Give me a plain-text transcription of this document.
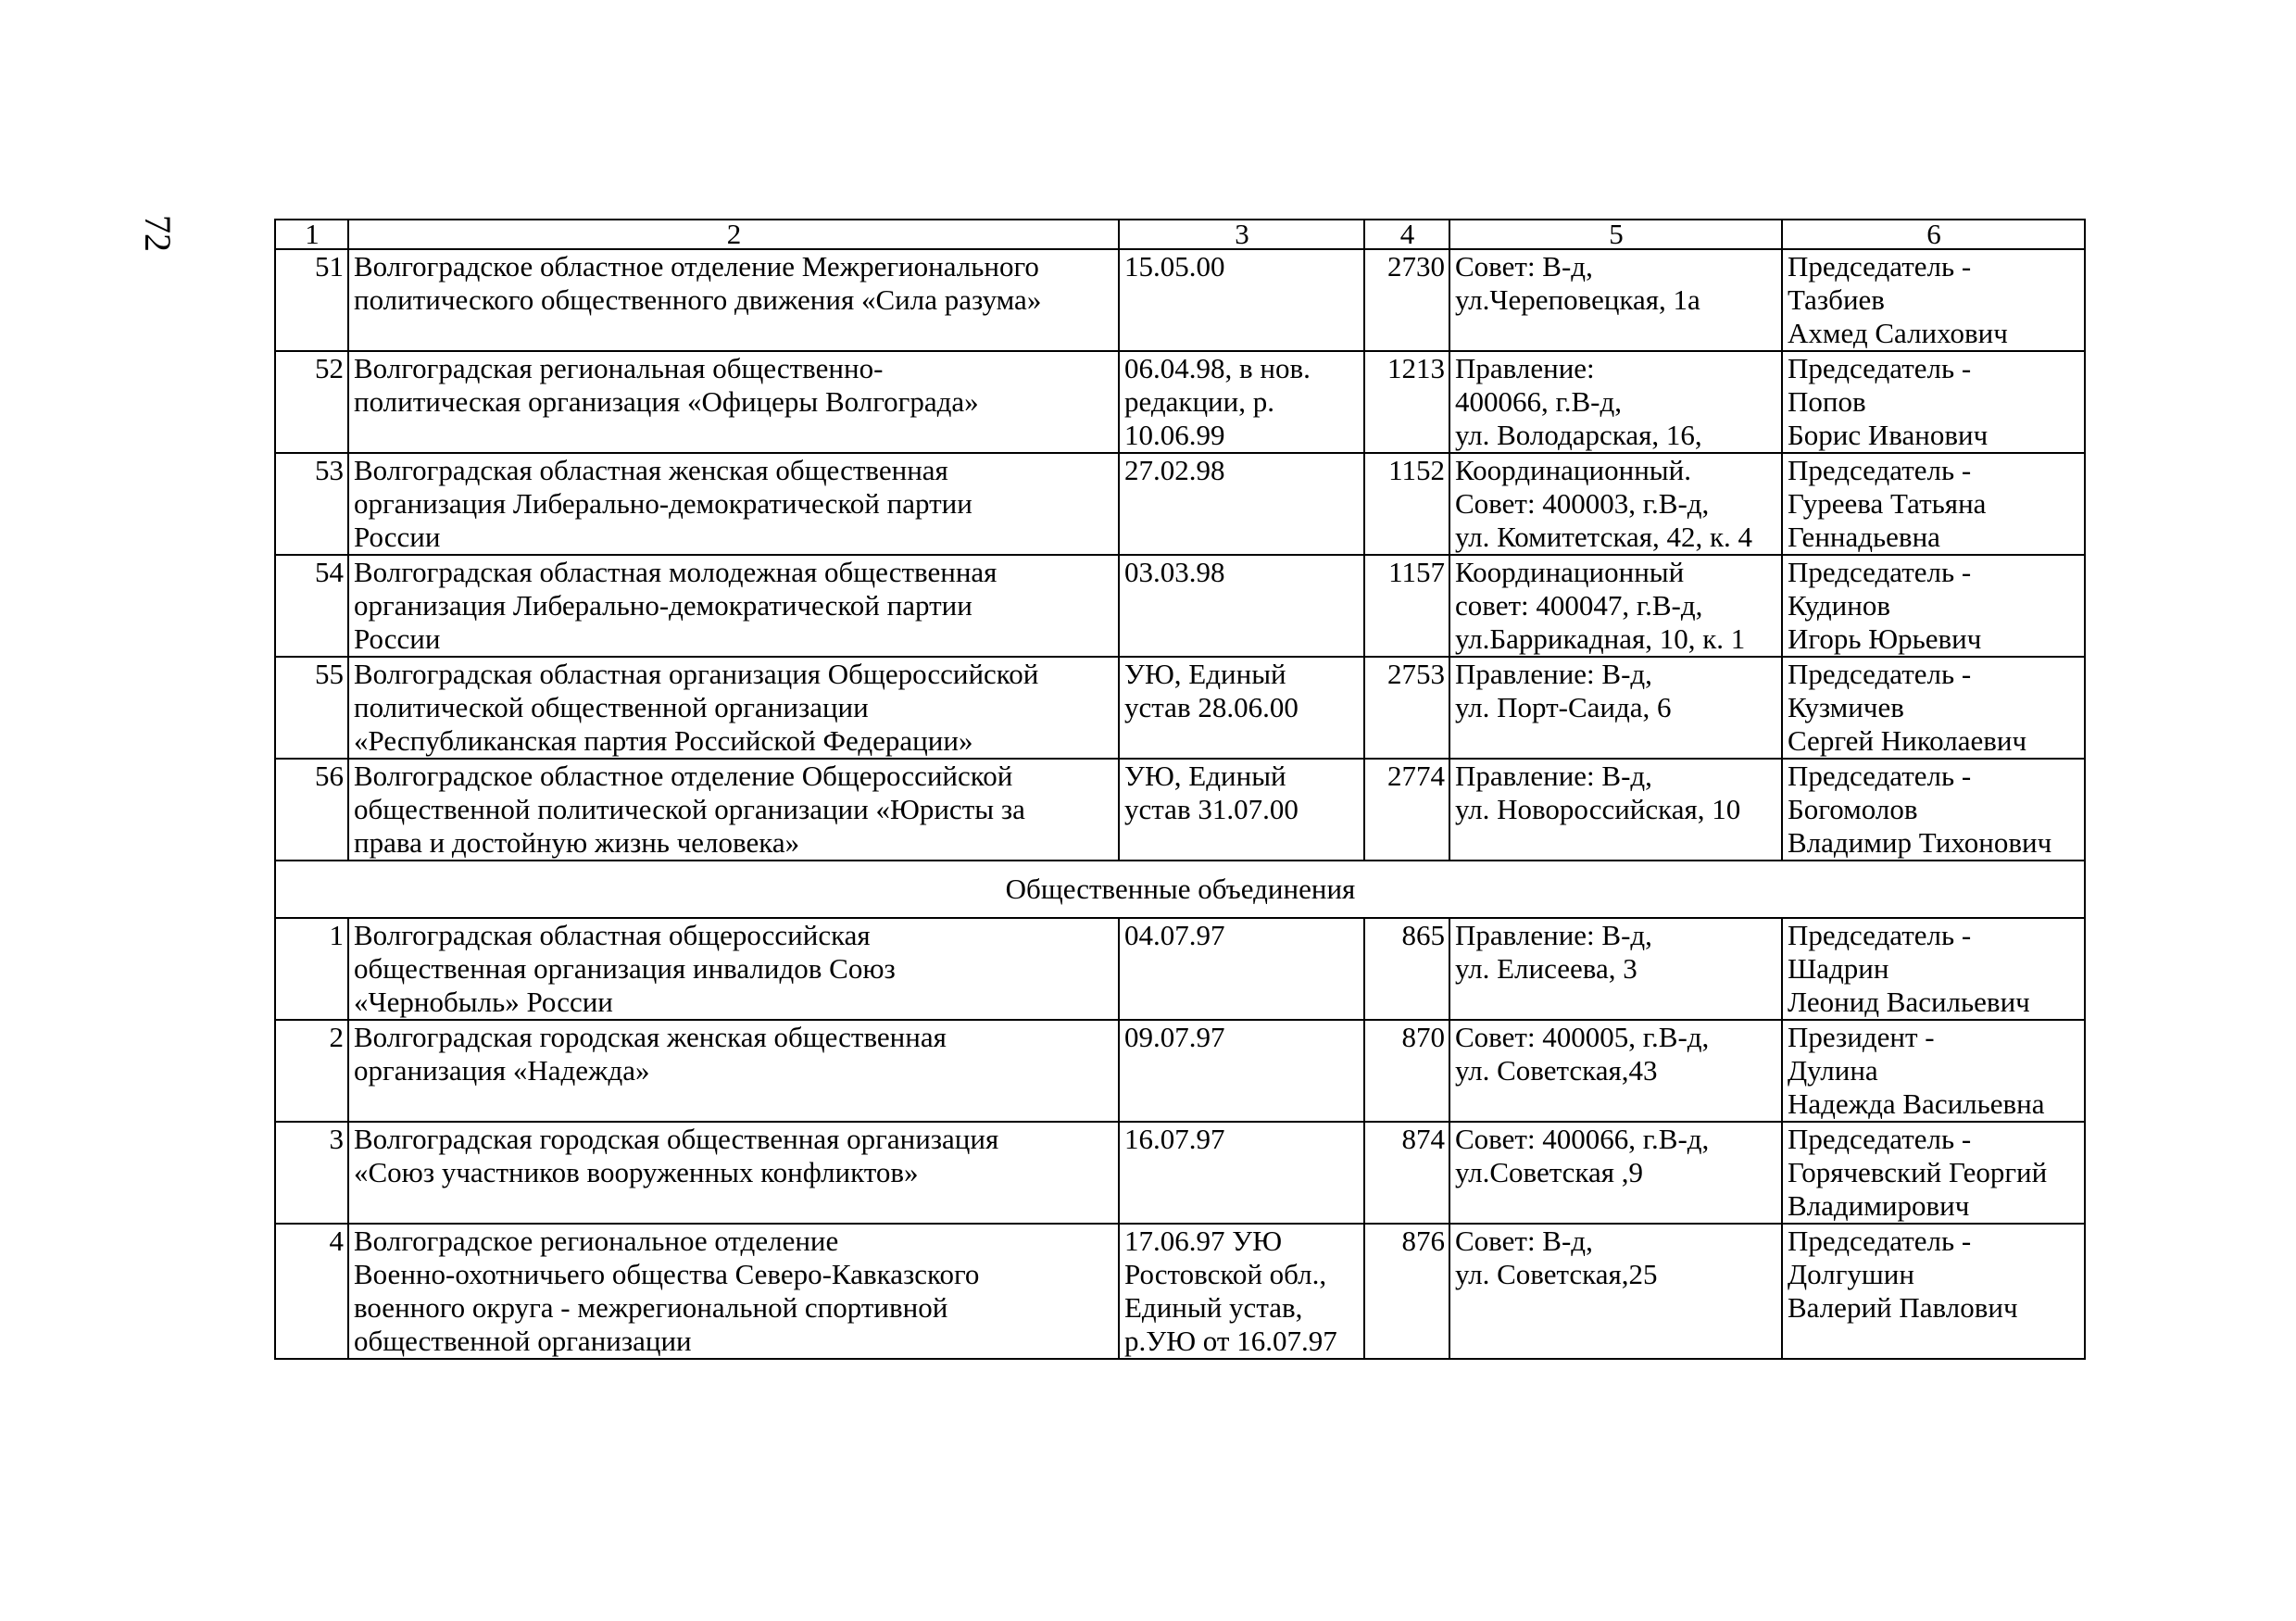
72	1	2	3	4	5	6
51	Волгоградское областное отделение Межрегионального
политического общественного движения «Сила разума»	15.05.00	2730	Совет: В-д,
ул.Череповецкая, 1а	Председатель -
Тазбиев
Ахмед Салихович
52	Волгоградская региональная общественно-
политическая организация «Офицеры Волгограда»	06.04.98, в нов.
редакции, р.
10.06.99	1213	Правление:
400066, г.В-д,
ул. Володарская, 16,	Председатель -
Попов
Борис Иванович
53	Волгоградская областная женская общественная
организация Либерально-демократической партии
России	27.02.98	1152	Координационный.
Совет: 400003, г.В-д,
ул. Комитетская, 42, к. 4	Председатель -
Гуреева Татьяна
Геннадьевна
54	Волгоградская областная молодежная общественная
организация Либерально-демократической партии
России	03.03.98	1157	Координационный
совет: 400047, г.В-д,
ул.Баррикадная, 10, к. 1	Председатель -
Кудинов
Игорь Юрьевич
55	Волгоградская областная организация Общероссийской
политической общественной организации
«Республиканская партия Российской Федерации»	УЮ, Единый
устав 28.06.00	2753	Правление: В-д,
ул. Порт-Саида, 6	Председатель -
Кузмичев
Сергей Николаевич
56	Волгоградское областное отделение Общероссийской
общественной политической организации «Юристы за
права и достойную жизнь человека»	УЮ, Единый
устав 31.07.00	2774	Правление: В-д,
ул. Новороссийская, 10	Председатель -
Богомолов
Владимир Тихонович
Общественные объединения					
1	Волгоградская областная общероссийская
общественная организация инвалидов Союз
«Чернобыль» России	04.07.97	865	Правление: В-д,
ул. Елисеева, 3	Председатель -
Шадрин
Леонид Васильевич
2	Волгоградская городская женская общественная
организация «Надежда»	09.07.97	870	Совет: 400005, г.В-д,
ул. Советская,43	Президент -
Дулина
Надежда Васильевна
3	Волгоградская городская общественная организация
«Союз участников вооруженных конфликтов»	16.07.97	874	Совет: 400066, г.В-д,
ул.Советская ,9	Председатель -
Горячевский Георгий
Владимирович
4	Волгоградское региональное отделение
Военно-охотничьего общества Северо-Кавказского
военного округа - межрегиональной спортивной
общественной организации	17.06.97 УЮ
Ростовской обл.,
Единый устав,
р.УЮ от 16.07.97	876	Совет: В-д,
ул. Советская,25	Председатель -
Долгушин
Валерий Павлович
